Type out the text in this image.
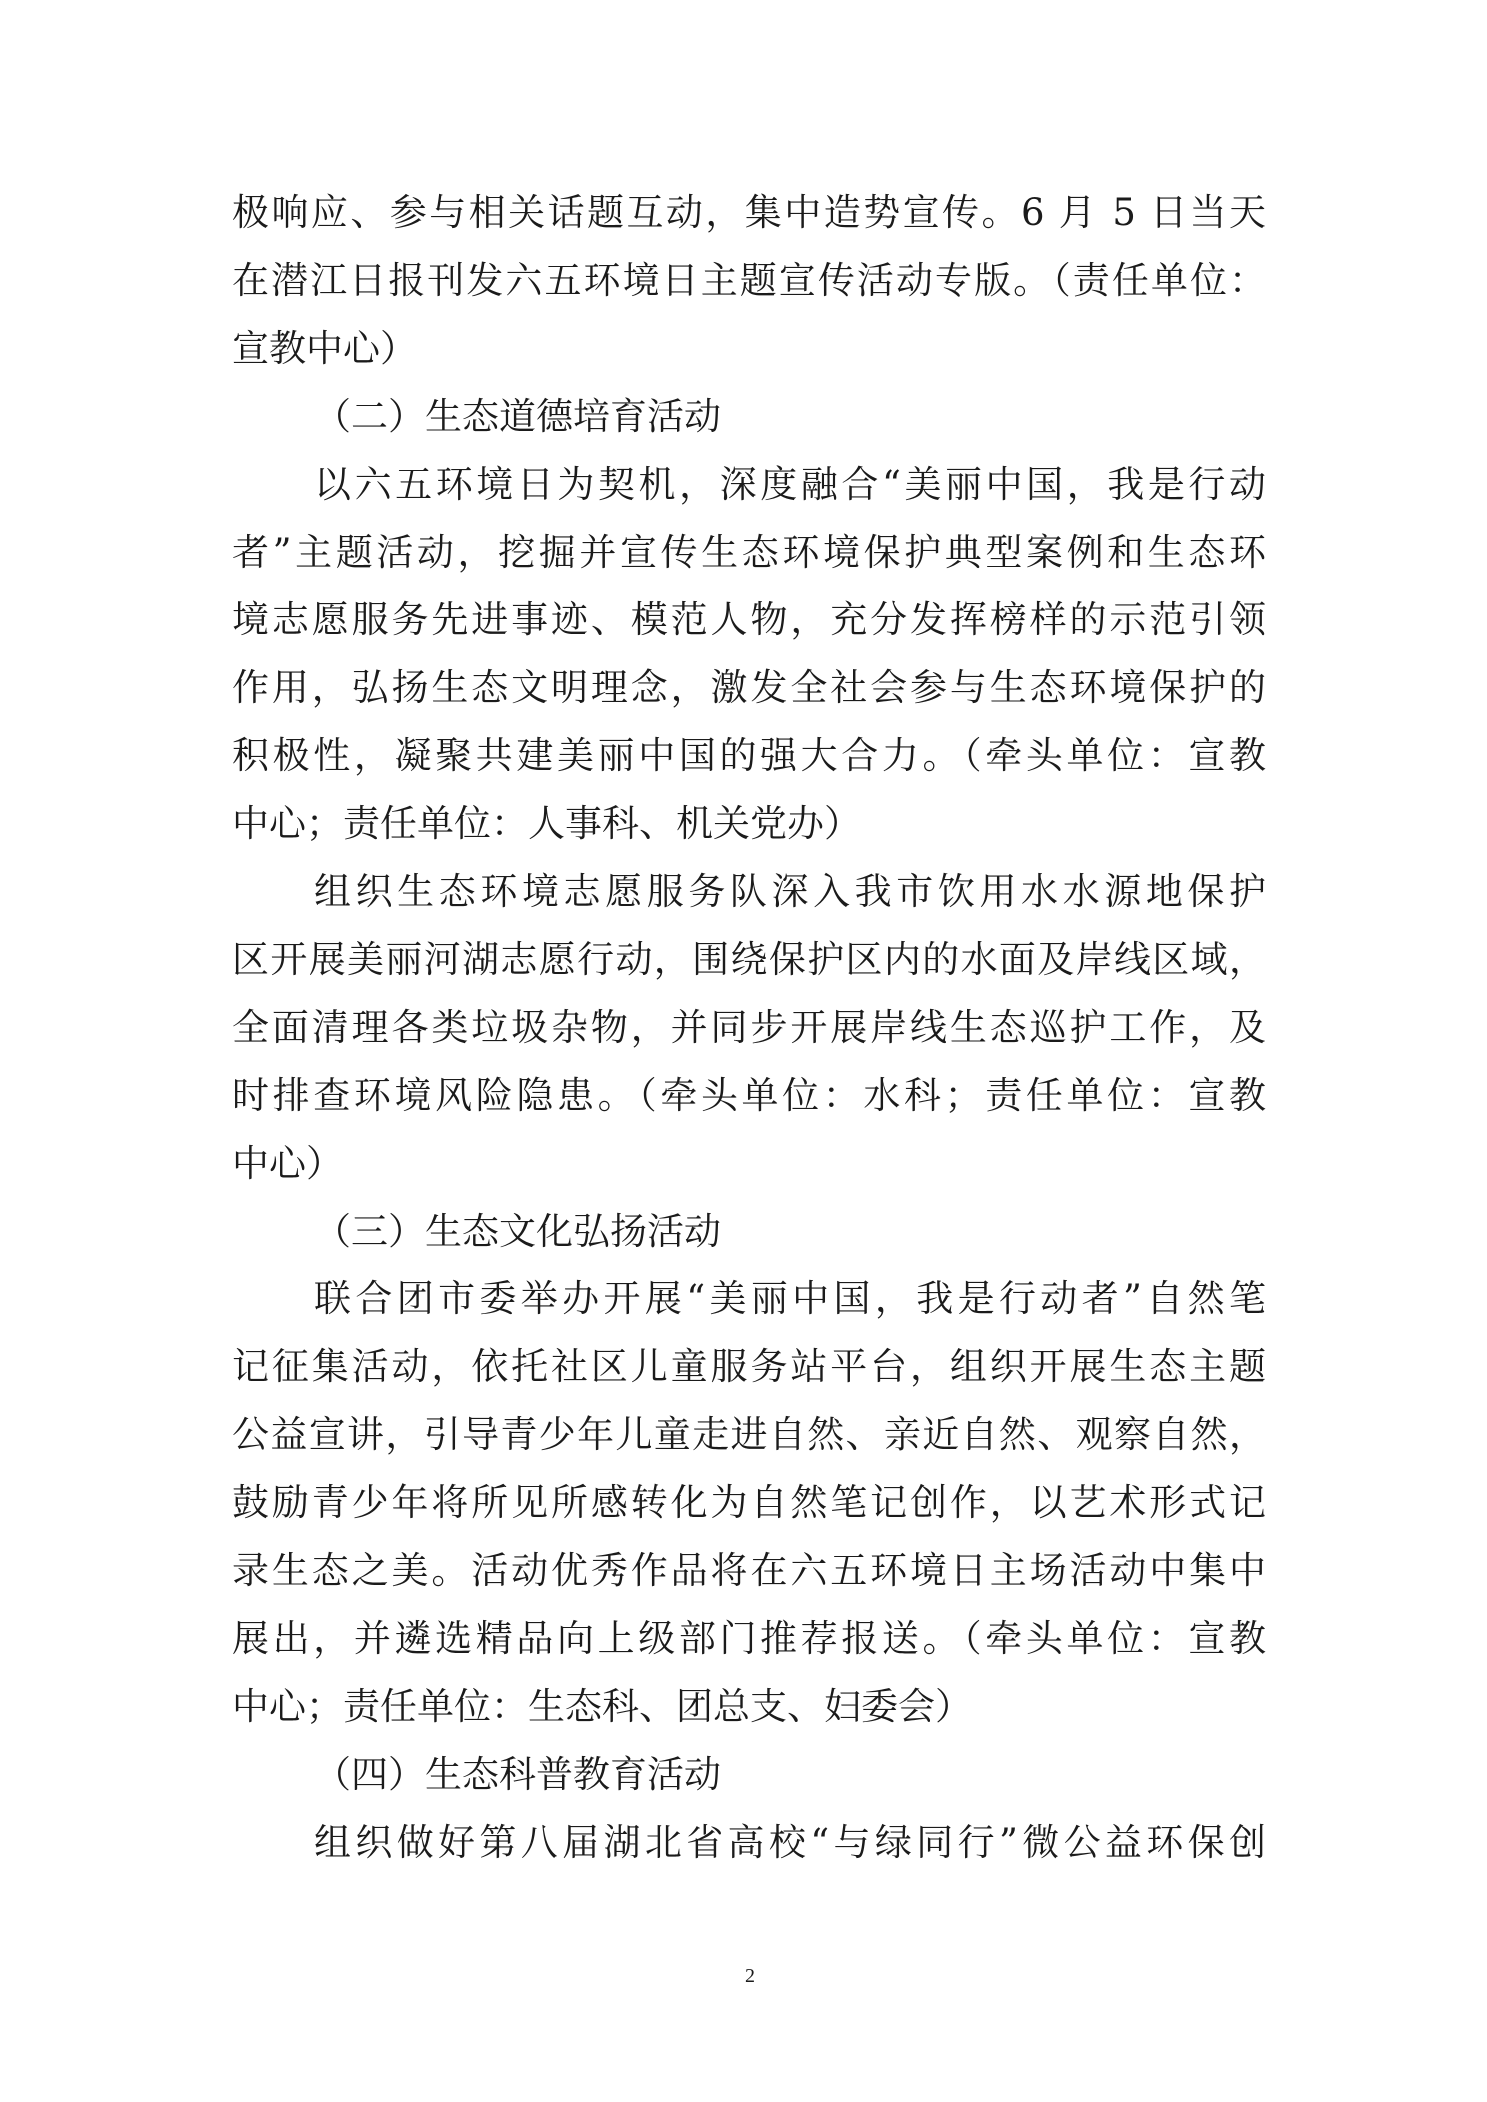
极响应、参与相关话题互动，集中造势宣传。6 月 5 日当天
在潜江日报刊发六五环境日主题宣传活动专版。（责任单位：
宣教中心）
（二）生态道德培育活动
以六五环境日为契机，深度融合“美丽中国，我是行动
者”主题活动，挖掘并宣传生态环境保护典型案例和生态环
境志愿服务先进事迹、模范人物，充分发挥榜样的示范引领
作用，弘扬生态文明理念，激发全社会参与生态环境保护的
积极性，凝聚共建美丽中国的强大合力。（牵头单位：宣教
中心；责任单位：人事科、机关党办）
组织生态环境志愿服务队深入我市饮用水水源地保护
区开展美丽河湖志愿行动，围绕保护区内的水面及岸线区域，
全面清理各类垃圾杂物，并同步开展岸线生态巡护工作，及
时排查环境风险隐患。（牵头单位：水科；责任单位：宣教
中心）
（三）生态文化弘扬活动
联合团市委举办开展“美丽中国，我是行动者”自然笔
记征集活动，依托社区儿童服务站平台，组织开展生态主题
公益宣讲，引导青少年儿童走进自然、亲近自然、观察自然，
鼓励青少年将所见所感转化为自然笔记创作，以艺术形式记
录生态之美。活动优秀作品将在六五环境日主场活动中集中
展出，并遴选精品向上级部门推荐报送。（牵头单位：宣教
中心；责任单位：生态科、团总支、妇委会）
（四）生态科普教育活动
组织做好第八届湖北省高校“与绿同行”微公益环保创
2
